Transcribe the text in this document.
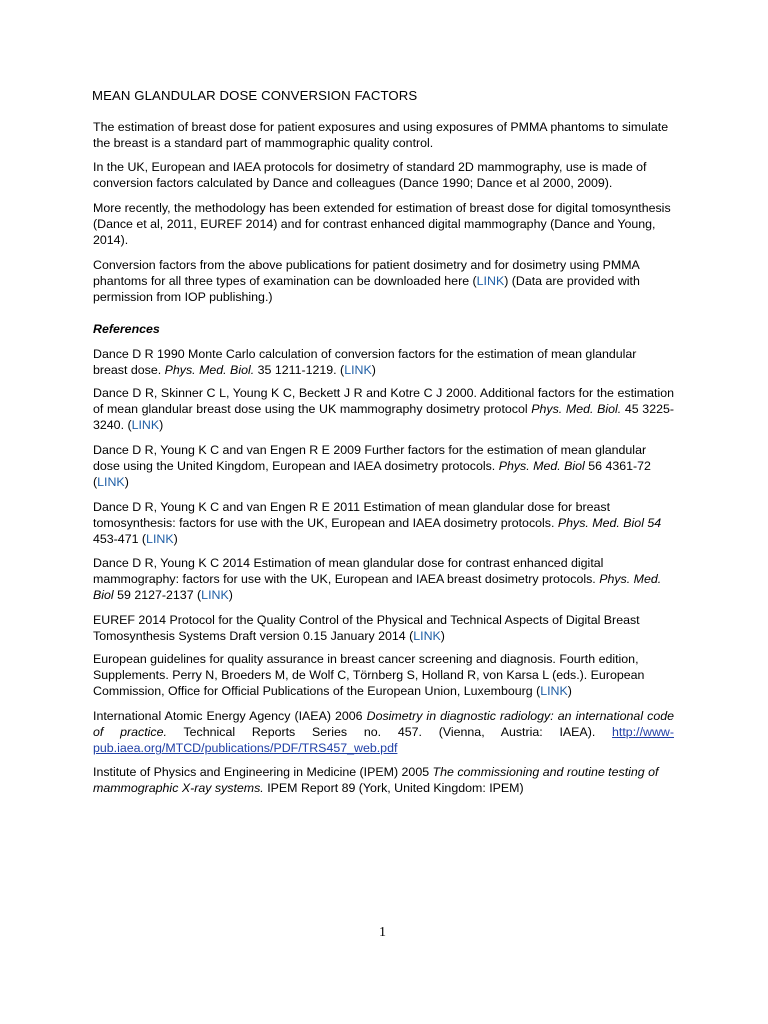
MEAN GLANDULAR DOSE CONVERSION FACTORS
The estimation of breast dose for patient exposures and using exposures of PMMA phantoms to simulate the breast is a standard part of mammographic quality control.
In the UK, European and IAEA protocols for dosimetry of standard 2D mammography, use is made of conversion factors calculated by Dance and colleagues (Dance 1990; Dance et al 2000, 2009).
More recently, the methodology has been extended for estimation of breast dose for digital tomosynthesis (Dance et al, 2011, EUREF 2014) and for contrast enhanced digital mammography (Dance and Young, 2014).
Conversion factors from the above publications for patient dosimetry and for dosimetry using PMMA phantoms for all three types of examination can be downloaded here (LINK) (Data are provided with permission from IOP publishing.)
References
Dance D R 1990 Monte Carlo calculation of conversion factors for the estimation of mean glandular breast dose. Phys. Med. Biol. 35 1211-1219. (LINK)
Dance D R, Skinner C L, Young K C, Beckett J R and Kotre C J 2000. Additional factors for the estimation of mean glandular breast dose using the UK mammography dosimetry protocol Phys. Med. Biol. 45 3225-3240. (LINK)
Dance D R, Young K C and van Engen R E 2009 Further factors for the estimation of mean glandular dose using the United Kingdom, European and IAEA dosimetry protocols. Phys. Med. Biol 56 4361-72 (LINK)
Dance D R, Young K C and van Engen R E 2011 Estimation of mean glandular dose for breast tomosynthesis: factors for use with the UK, European and IAEA dosimetry protocols. Phys. Med. Biol 54 453-471 (LINK)
Dance D R, Young K C 2014 Estimation of mean glandular dose for contrast enhanced digital mammography: factors for use with the UK, European and IAEA breast dosimetry protocols. Phys. Med. Biol 59 2127-2137 (LINK)
EUREF 2014 Protocol for the Quality Control of the Physical and Technical Aspects of Digital Breast Tomosynthesis Systems Draft version 0.15 January 2014 (LINK)
European guidelines for quality assurance in breast cancer screening and diagnosis. Fourth edition, Supplements. Perry N, Broeders M, de Wolf C, Törnberg S, Holland R, von Karsa L (eds.). European Commission, Office for Official Publications of the European Union, Luxembourg (LINK)
International Atomic Energy Agency (IAEA) 2006 Dosimetry in diagnostic radiology: an international code of practice. Technical Reports Series no. 457. (Vienna, Austria: IAEA). http://www-pub.iaea.org/MTCD/publications/PDF/TRS457_web.pdf
Institute of Physics and Engineering in Medicine (IPEM) 2005 The commissioning and routine testing of mammographic X-ray systems. IPEM Report 89 (York, United Kingdom: IPEM)
1
